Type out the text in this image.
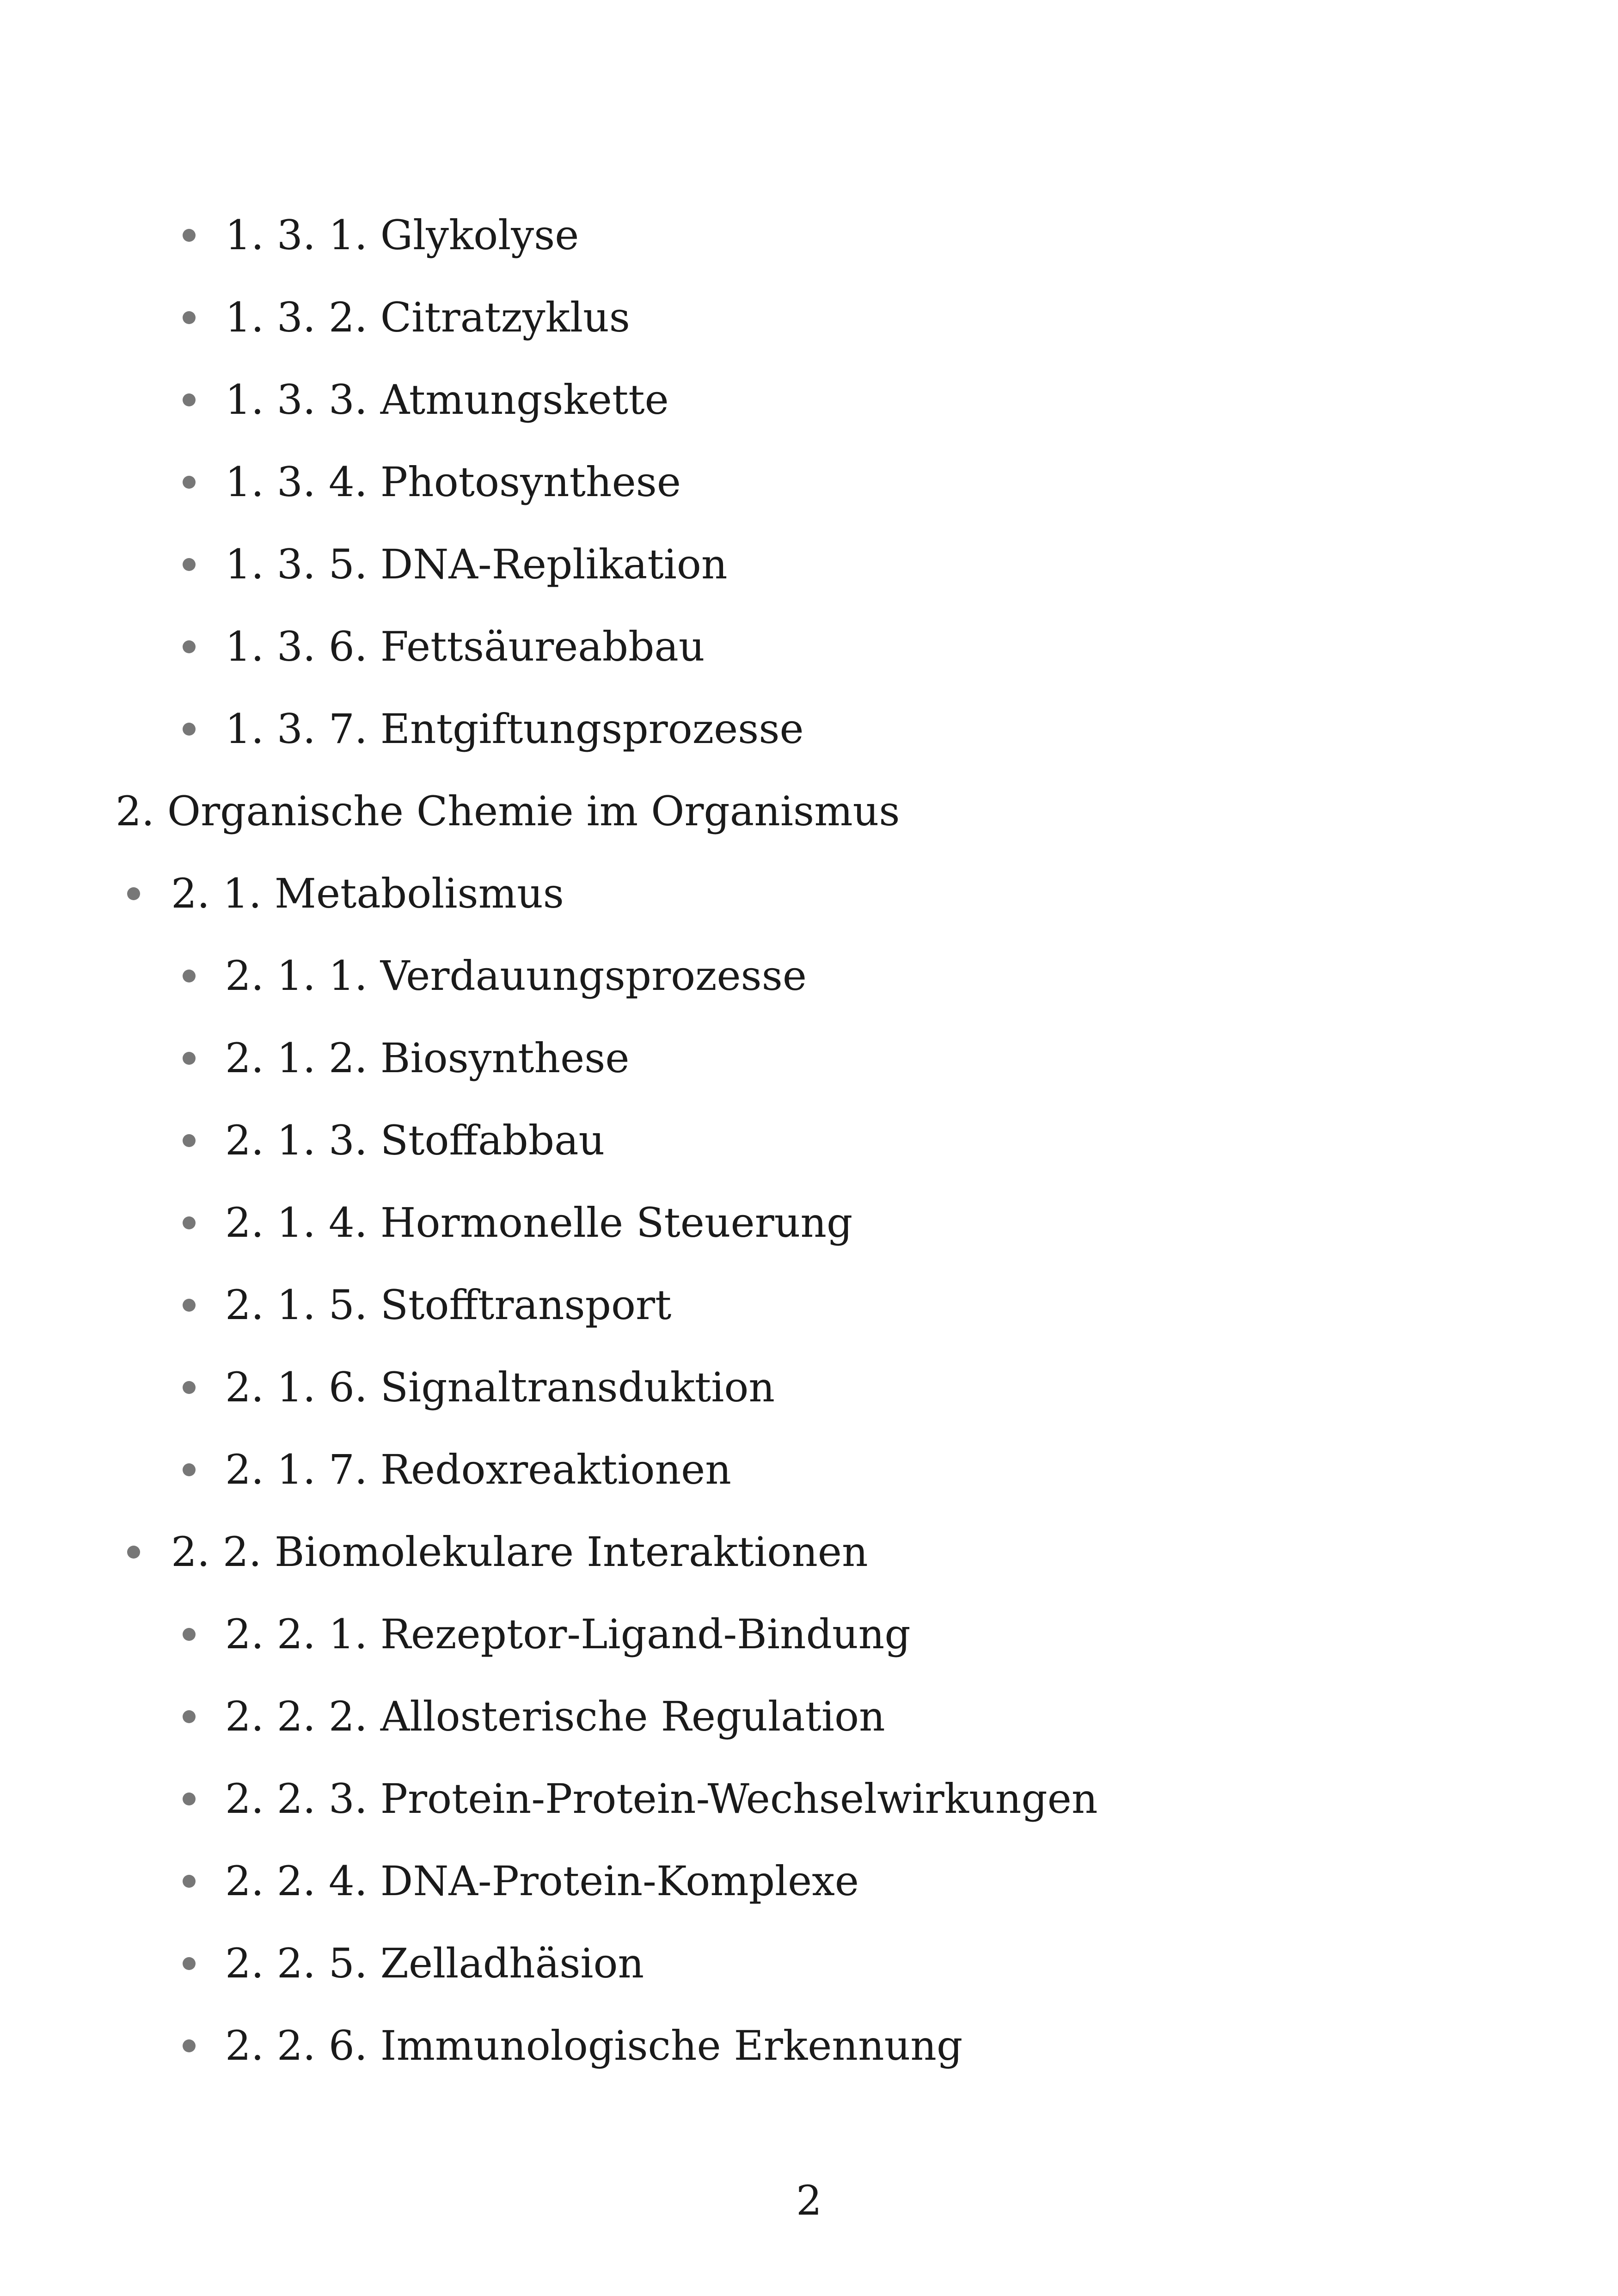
1. 3. 1. Glykolyse
1. 3. 2. Citratzyklus
1. 3. 3. Atmungskette
1. 3. 4. Photosynthese
1. 3. 5. DNA-Replikation
1. 3. 6. Fettsäureabbau
1. 3. 7. Entgiftungsprozesse
2. Organische Chemie im Organismus
2. 1. Metabolismus
2. 1. 1. Verdauungsprozesse
2. 1. 2. Biosynthese
2. 1. 3. Stoffabbau
2. 1. 4. Hormonelle Steuerung
2. 1. 5. Stofftransport
2. 1. 6. Signaltransduktion
2. 1. 7. Redoxreaktionen
2. 2. Biomolekulare Interaktionen
2. 2. 1. Rezeptor-Ligand-Bindung
2. 2. 2. Allosterische Regulation
2. 2. 3. Protein-Protein-Wechselwirkungen
2. 2. 4. DNA-Protein-Komplexe
2. 2. 5. Zelladhäsion
2. 2. 6. Immunologische Erkennung
2
